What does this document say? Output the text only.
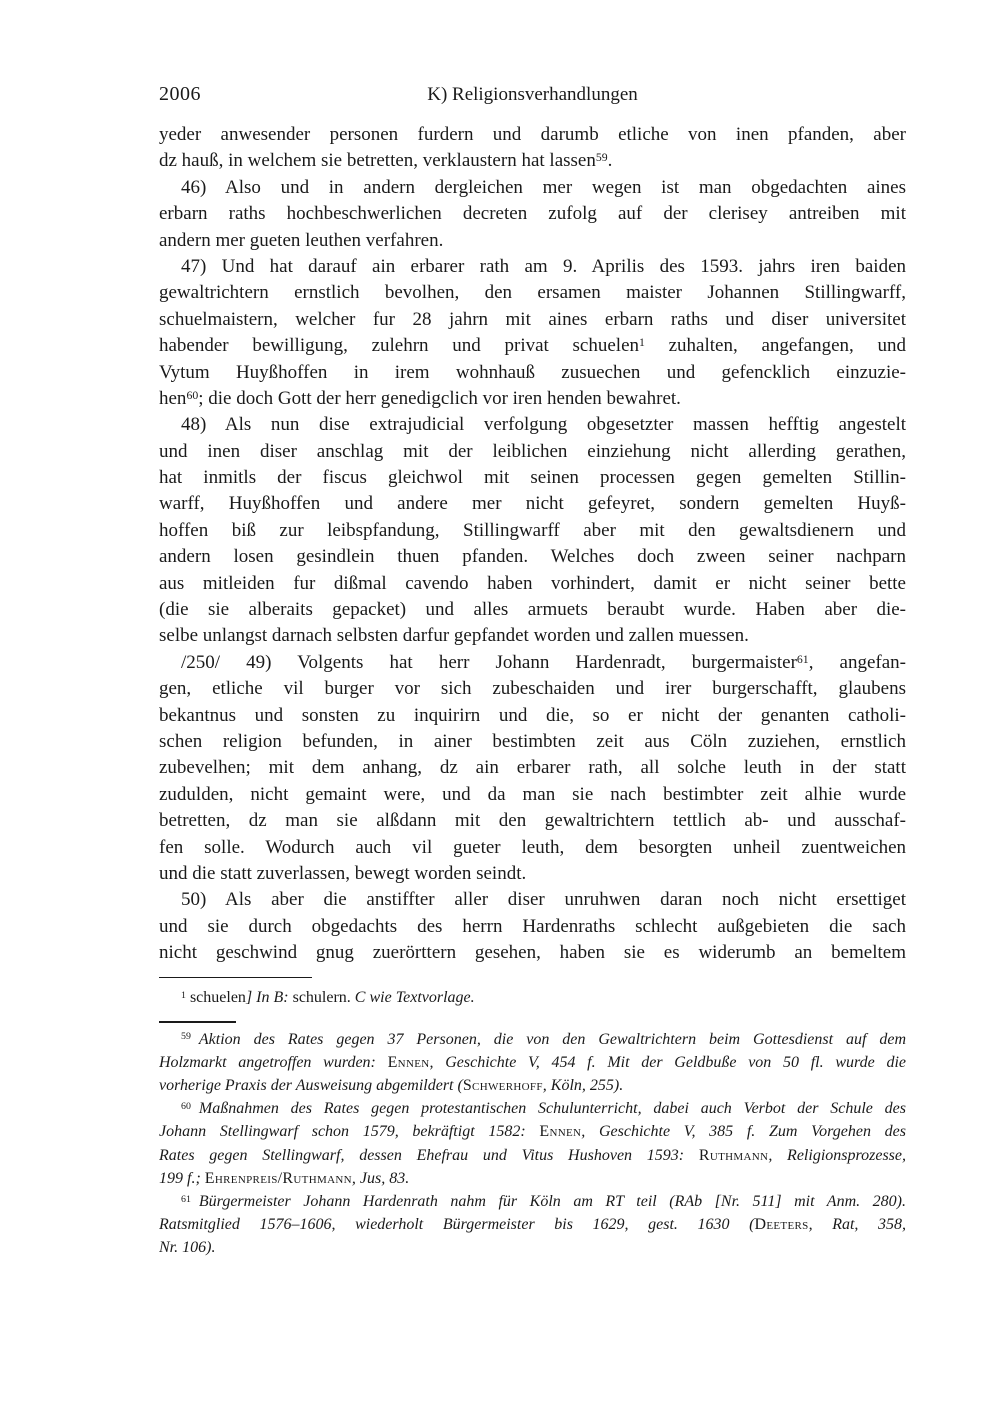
K) Religionsverhandlungen
2006
yeder anwesender personen furdern und darumb etliche von inen pfanden, aber
dz hauß, in welchem sie betretten, verklaustern hat lassen$^{59}$.
46) Also und in andern dergleichen mer wegen ist man obgedachten aines
erbarn raths hochbeschwerlichen decreten zufolg auf der clerisey antreiben mit
andern mer gueten leuthen verfahren.
47) Und hat darauf ain erbarer rath am 9. Aprilis des 1593. jahrs iren baiden
gewaltrichtern ernstlich bevolhen, den ersamen maister Johannen Stillingwarff,
schuelmaistern, welcher fur 28 jahrn mit aines erbarn raths und diser universitet
habender bewilligung, zulehrn und privat schuelen$^1$ zuhalten, angefangen, und
Vytum Huyßhoffen in irem wohnhauß zusuechen und gefencklich einzuzie-
hen$^{60}$; die doch Gott der herr genedigclich vor iren henden bewahret.
48) Als nun dise extrajudicial verfolgung obgesetzter massen hefftig angestelt
und inen diser anschlag mit der leiblichen einziehung nicht allerding gerathen,
hat inmitls der fiscus gleichwol mit seinen processen gegen gemelten Stillin-
warff, Huyßhoffen und andere mer nicht gefeyret, sondern gemelten Huyß-
hoffen biß zur leibspfandung, Stillingwarff aber mit den gewaltsdienern und
andern losen gesindlein thuen pfanden. Welches doch zween seiner nachparn
aus mitleiden fur dißmal cavendo haben vorhindert, damit er nicht seiner bette
(die sie alberaits gepacket) und alles armuets beraubt wurde. Haben aber die-
selbe unlangst darnach selbsten darfur gepfandet worden und zallen muessen.
/250/ 49) Volgents hat herr Johann Hardenradt, burgermaister$^{61}$, angefan-
gen, etliche vil burger vor sich zubeschaiden und irer burgerschafft, glaubens
bekantnus und sonsten zu inquirirn und die, so er nicht der genanten catholi-
schen religion befunden, in ainer bestimbten zeit aus Cöln zuziehen, ernstlich
zubevelhen; mit dem anhang, dz ain erbarer rath, all solche leuth in der statt
zudulden, nicht gemaint were, und da man sie nach bestimbter zeit alhie wurde
betretten, dz man sie alßdann mit den gewaltrichtern tettlich ab- und ausschaf-
fen solle. Wodurch auch vil gueter leuth, dem besorgten unheil zuentweichen
und die statt zuverlassen, bewegt worden seindt.
50) Als aber die anstiffter aller diser unruhwen daran noch nicht ersettiget
und sie durch obgedachts des herrn Hardenraths schlecht außgebieten die sach
nicht geschwind gnug zuerörttern gesehen, haben sie es widerumb an bemeltem
$^1$ schuelen] In B: schulern. C wie Textvorlage.
$^{59}$ Aktion des Rates gegen 37 Personen, die von den Gewaltrichtern beim Gottesdienst auf dem
Holzmarkt angetroffen wurden: Ennen, Geschichte V, 454 f. Mit der Geldbuße von 50 fl. wurde die
vorherige Praxis der Ausweisung abgemildert (Schwerhoff, Köln, 255).
$^{60}$ Maßnahmen des Rates gegen protestantischen Schulunterricht, dabei auch Verbot der Schule des
Johann Stellingwarf schon 1579, bekräftigt 1582: Ennen, Geschichte V, 385 f. Zum Vorgehen des
Rates gegen Stellingwarf, dessen Ehefrau und Vitus Hushoven 1593: Ruthmann, Religionsprozesse,
199 f.; Ehrenpreis/Ruthmann, Jus, 83.
$^{61}$ Bürgermeister Johann Hardenrath nahm für Köln am RT teil (RAb [Nr. 511] mit Anm. 280).
Ratsmitglied 1576–1606, wiederholt Bürgermeister bis 1629, gest. 1630 (Deeters, Rat, 358,
Nr. 106).
